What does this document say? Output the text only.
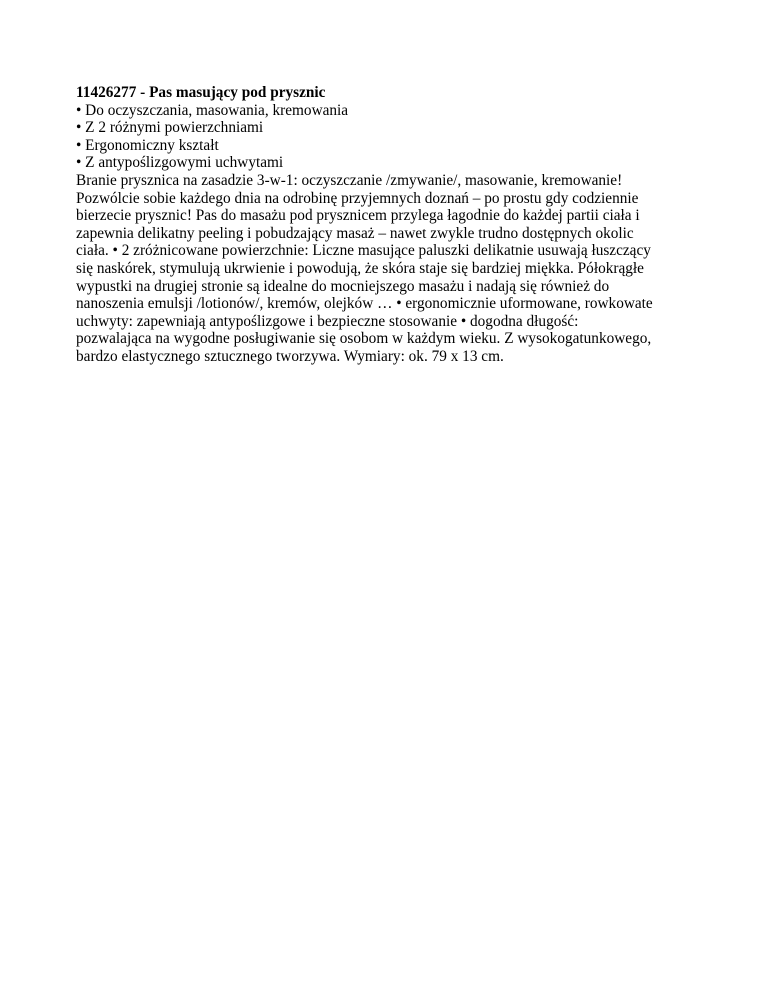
11426277 - Pas masujący pod prysznic
• Do oczyszczania, masowania, kremowania
• Z 2 różnymi powierzchniami
• Ergonomiczny kształt
• Z antypoślizgowymi uchwytami
Branie prysznica na zasadzie 3-w-1: oczyszczanie /zmywanie/, masowanie, kremowanie!
Pozwólcie sobie każdego dnia na odrobinę przyjemnych doznań – po prostu gdy codziennie
bierzecie prysznic! Pas do masażu pod prysznicem przylega łagodnie do każdej partii ciała i
zapewnia delikatny peeling i pobudzający masaż – nawet zwykle trudno dostępnych okolic
ciała. • 2 zróżnicowane powierzchnie: Liczne masujące paluszki delikatnie usuwają łuszczący
się naskórek, stymulują ukrwienie i powodują, że skóra staje się bardziej miękka. Półokrągłe
wypustki na drugiej stronie są idealne do mocniejszego masażu i nadają się również do
nanoszenia emulsji /lotionów/, kremów, olejków … • ergonomicznie uformowane, rowkowate
uchwyty: zapewniają antypoślizgowe i bezpieczne stosowanie • dogodna długość:
pozwalająca na wygodne posługiwanie się osobom w każdym wieku. Z wysokogatunkowego,
bardzo elastycznego sztucznego tworzywa. Wymiary: ok. 79 x 13 cm.
